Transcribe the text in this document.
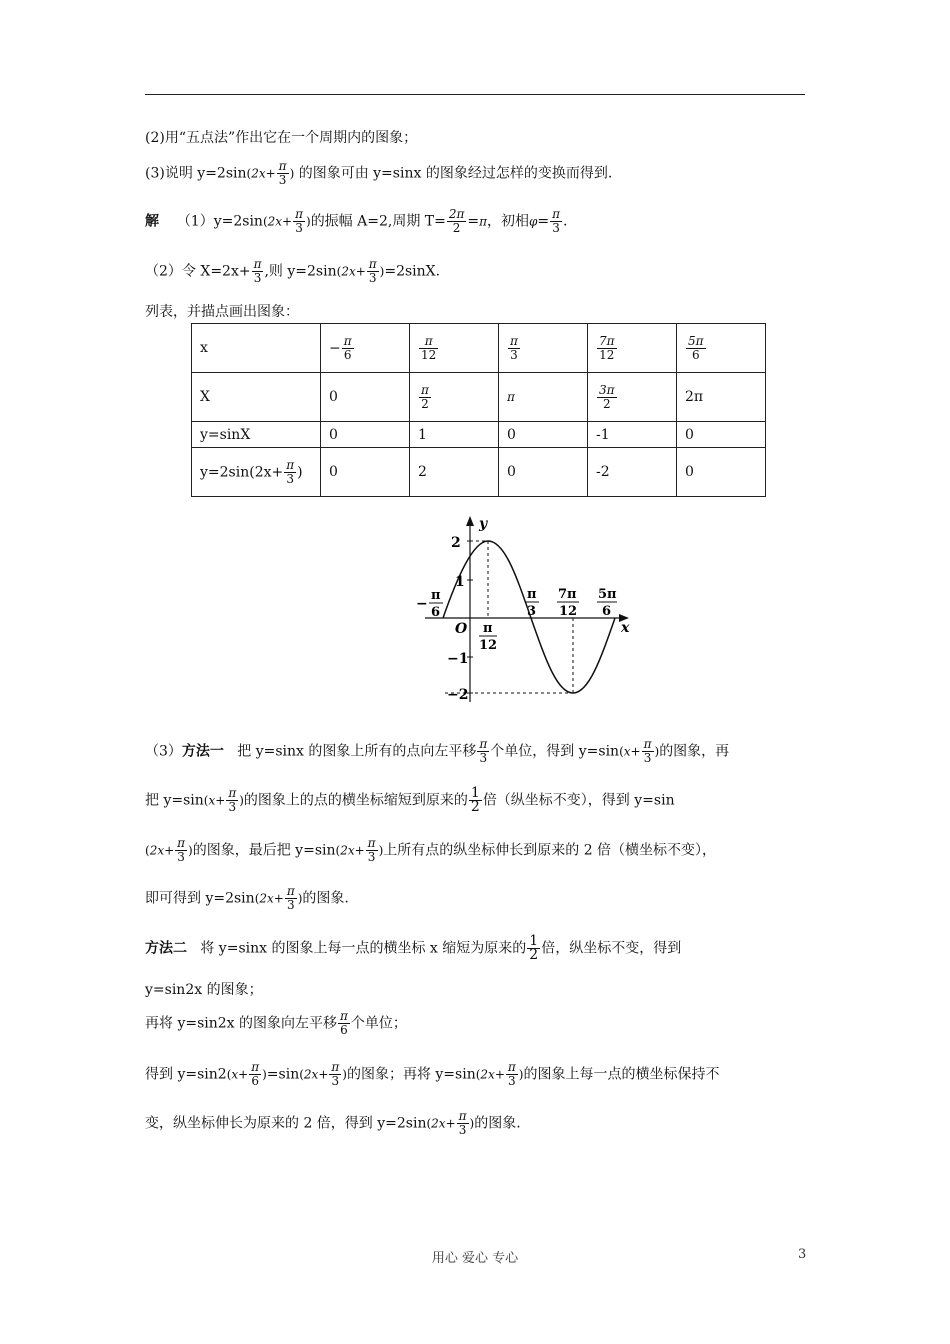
(2)用“五点法”作出它在一个周期内的图象；
(3)说明 $y=2\sin(2x+ \frac{\pi}{3}$ ) 的图象可由 y=sinx 的图象经过怎样的变换而得到.
解 $(1)y=2\sin(2x+ \frac{\pi}{3}$ )的振幅 A=2,周期 $T= \frac{2\pi}{2} =\pi$，初相$\varphi= \frac{\pi}{3}$ .
（2）令 $X=2x+ \frac{\pi}{3}$ ,则 $y=2\sin(2x+ \frac{\pi}{3} )=2\sin X$.
列表，并描点画出图象：
x	− $\frac{\pi}{6}$	$\frac{\pi}{12}$	$\frac{\pi}{3}$	$\frac{7\pi}{12}$	$\frac{5\pi}{6}$

X	0	$\frac{\pi}{2}$	π	$\frac{3\pi}{2}$	2π
y=sinX	0	1	0	-1	0
$y=2\sin(2x+ \frac{\pi}{3}$ )	0	2	0	-2	0
y
x
O
2
1
−1
−2
−
π
6
π
12
π
3
7π
12
5π
6
（3）方法一 把 y=sinx 的图象上所有的点向左平移 $\frac{\pi}{3}$ 个单位，得到 $y=\sin(x+ \frac{\pi}{3}$ )的图象，再
把 $y=\sin(x+ \frac{\pi}{3}$ )的图象上的点的横坐标缩短到原来的 $\frac{1}{2}$ 倍（纵坐标不变），得到 y=sin
($2x+ \frac{\pi}{3}$ )的图象，最后把 $y=\sin(2x+ \frac{\pi}{3}$ )上所有点的纵坐标伸长到原来的 2 倍（横坐标不变），
即可得到 $y=2\sin(2x+ \frac{\pi}{3}$ )的图象.
方法二 将 y=sinx 的图象上每一点的横坐标 x 缩短为原来的 $\frac{1}{2}$ 倍，纵坐标不变，得到
y=sin2x 的图象；
再将 y=sin2x 的图象向左平移 $\frac{\pi}{6}$ 个单位；
得到 $y=\sin 2(x+ \frac{\pi}{6} )=\sin(2x+ \frac{\pi}{3}$ )的图象；再将 $y=\sin(2x+ \frac{\pi}{3}$ )的图象上每一点的横坐标保持不
变，纵坐标伸长为原来的 2 倍，得到 $y=2\sin(2x+ \frac{\pi}{3}$ )的图象.
用心 爱心 专心	3
